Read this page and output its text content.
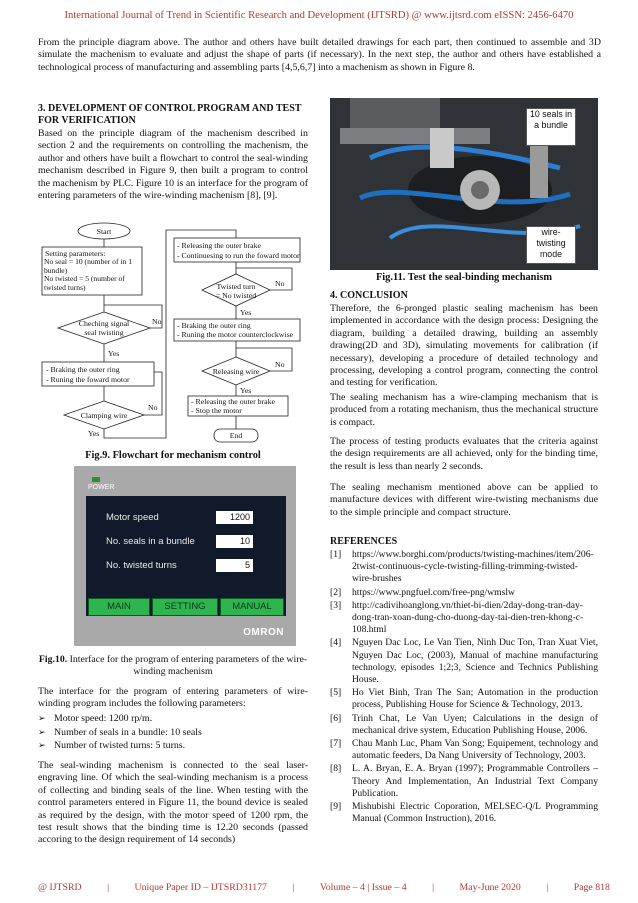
International Journal of Trend in Scientific Research and Development (IJTSRD) @ www.ijtsrd.com eISSN: 2456-6470

From the principle diagram above. The author and others have built detailed drawings for each part, then continued to assemble and 3D simulate the machenism to evaluate and adjust the shape of parts (if necessary). In the next step, the author and others have established a technological process of manufacturing and assembling parts [4,5,6,7] into a machenism as shown in Figure 8.

3. DEVELOPMENT OF CONTROL PROGRAM AND TEST FOR VERIFICATION

Based on the principle diagram of the machenism described in section 2 and the requirements on controlling the machenism, the author and others have built a flowchart to control the seal-winding mechanism described in Figure 9, then built a program to control the machenism by PLC. Figure 10 is an interface for the program of entering parameters of the wire-winding machenism [8], [9].

Start
Setting parameters:
No seal = 10 (number of in 1 bundle)
No twisted = 5 (number of twisted turns)
Cheching signal
seal twisting
No
Yes
- Braking the outer ring
- Runing the foward motor
Clamping wire
No
Yes
- Releasing the outer brake
- Continuesing to run the foward motor
Twisted turn
= No twisted
No
Yes
- Braking the outer ring
- Runing the motor counterclockwise
Releasing wire
No
Yes
- Releasing the outer brake
- Stop the motor
End

Fig.9. Flowchart for mechanism control

POWER
Motor speed	1200
No. seals in a bundle	10
No. twisted turns	5
MAIN	SETTING	MANUAL
OMRON

Fig.10. Interface for the program of entering parameters of the wire-winding machenism

The interface for the program of entering parameters of wire-winding program includes the following parameters:

➢ Motor speed: 1200 rp/m.
➢ Number of seals in a bundle: 10 seals
➢ Number of twisted turns: 5 turns.

The seal-winding machenism is connected to the seal laser-engraving line. Of which the seal-winding mechanism is a process of collecting and binding seals of the line. When testing with the control parameters entered in Figure 11, the bound device is sealed as required by the design, with the motor speed of 1200 rpm, the test result shows that the binding time is 12.20 seconds (passed accoring to the design requirement of 14 seconds)

10 seals in a bundle
wire-twisting mode

Fig.11. Test the seal-binding mechanism

4. CONCLUSION

Therefore, the 6-pronged plastic sealing machenism has been implemented in accordance with the design process: Designing the diagram, building a detailed drawing, building an assembly drawing(2D and 3D), simulating movements for calibration (if necessary), developing a procedure of detailed technology and processing, developing a control program, connecting the control and testing for verification.

The sealing mechanism has a wire-clamping mechanism that is produced from a rotating mechanism, thus the mechanical structure is compact.

The process of testing products evaluates that the criteria against the design requirements are all achieved, only for the binding time, the result is less than nearly 2 seconds.

The sealing mechanism mentioned above can be applied to manufacture devices with different wire-twisting mechanisms due to the simple principle and compact structure.

REFERENCES

[1]	https://www.borghi.com/products/twisting-machines/item/206-2twist-continuous-cycle-twisting-filling-trimming-twisted-wire-brushes
[2]	https://www.pngfuel.com/free-png/wmslw
[3]	http://cadivihoanglong.vn/thiet-bi-dien/2day-dong-tran-day-dong-tran-xoan-dung-cho-duong-day-tai-dien-tren-khong-c-108.html
[4]	Nguyen Dac Loc, Le Van Tien, Ninh Duc Ton, Tran Xuat Viet, Nguyen Dac Loc, (2003), Manual of machine manufacturing technology, episodes 1;2;3, Science and Technics Publishing House.
[5]	Ho Viet Binh, Tran The San; Automation in the production process, Publishing House for Science & Technology, 2013.
[6]	Trinh Chat, Le Van Uyen; Calculations in the design of mechanical drive system, Education Publishing House, 2006.
[7]	Chau Manh Luc, Pham Van Song; Equipement, technology and automatic feeders, Da Nang University of Technology, 2003.
[8]	L. A. Bryan, E. A. Bryan (1997); Programmable Controllers – Theory And Implementation, An Industrial Text Company Publication.
[9]	Mishubishi Electric Coporation, MELSEC-Q/L Programming Manual (Common Instruction), 2016.
@ IJTSRD	|	Unique Paper ID – IJTSRD31177	|	Volume – 4 | Issue – 4	|	May-June 2020	|	Page 818
